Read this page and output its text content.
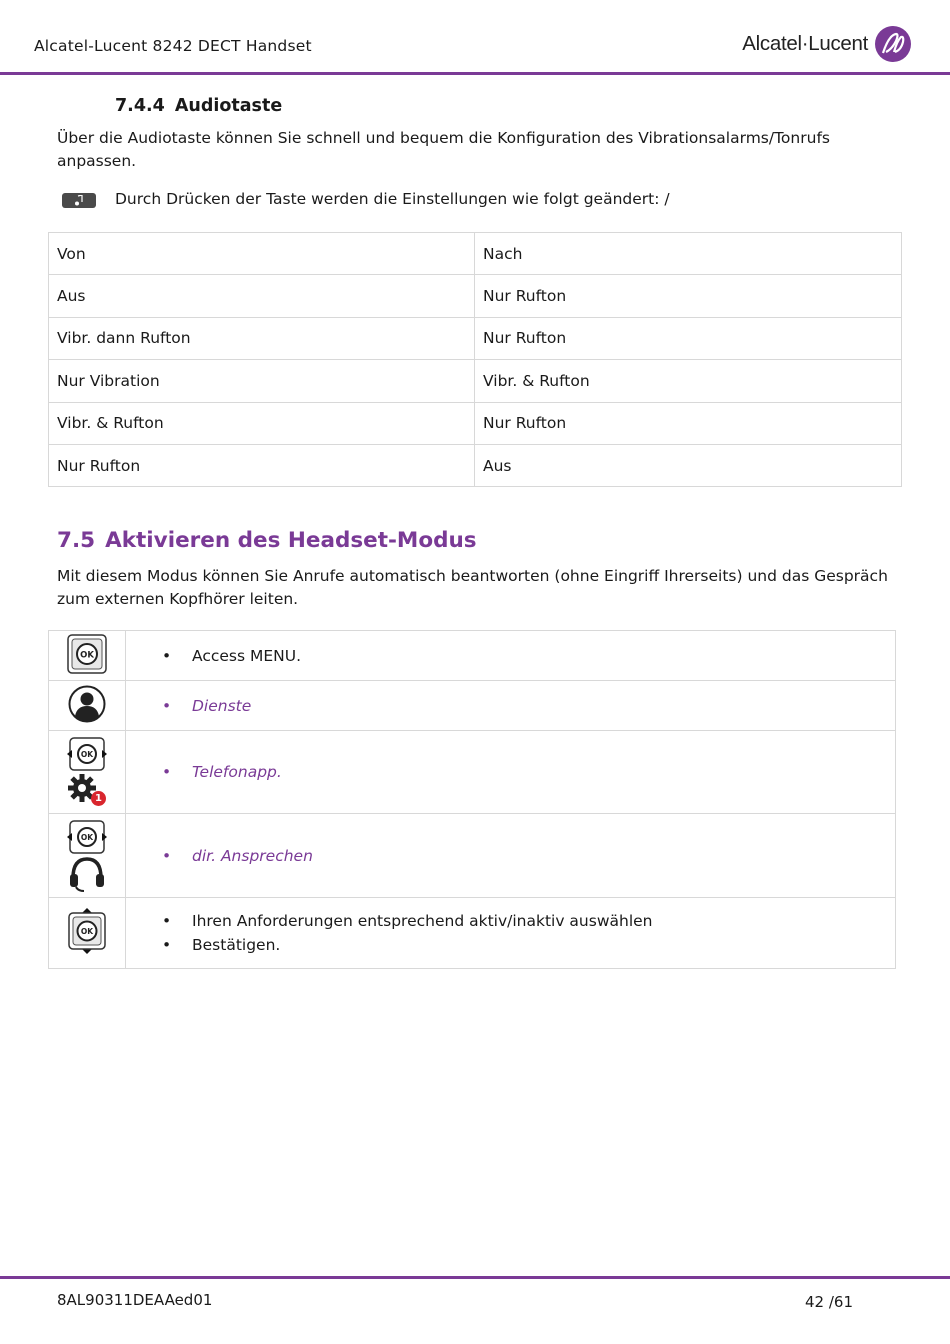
Alcatel-Lucent 8242 DECT Handset	Alcatel·Lucent
7.4.4 Audiotaste
Über die Audiotaste können Sie schnell und bequem die Konfiguration des Vibrationsalarms/Tonrufs anpassen.
Durch Drücken der Taste werden die Einstellungen wie folgt geändert: /
Von	Nach
Aus	Nur Rufton
Vibr. dann Rufton	Nur Rufton
Nur Vibration	Vibr. & Rufton
Vibr. & Rufton	Nur Rufton
Nur Rufton	Aus
7.5 Aktivieren des Headset-Modus
Mit diesem Modus können Sie Anrufe automatisch beantworten (ohne Eingriff Ihrerseits) und das Gespräch zum externen Kopfhörer leiten.
OK	• Access MENU.

• Dienste

OK
1	• Telefonapp.

OK	• dir. Ansprechen

OK	• Ihren Anforderungen entsprechend aktiv/inaktiv auswählen
• Bestätigen.
8AL90311DEAAed01	42 /61
